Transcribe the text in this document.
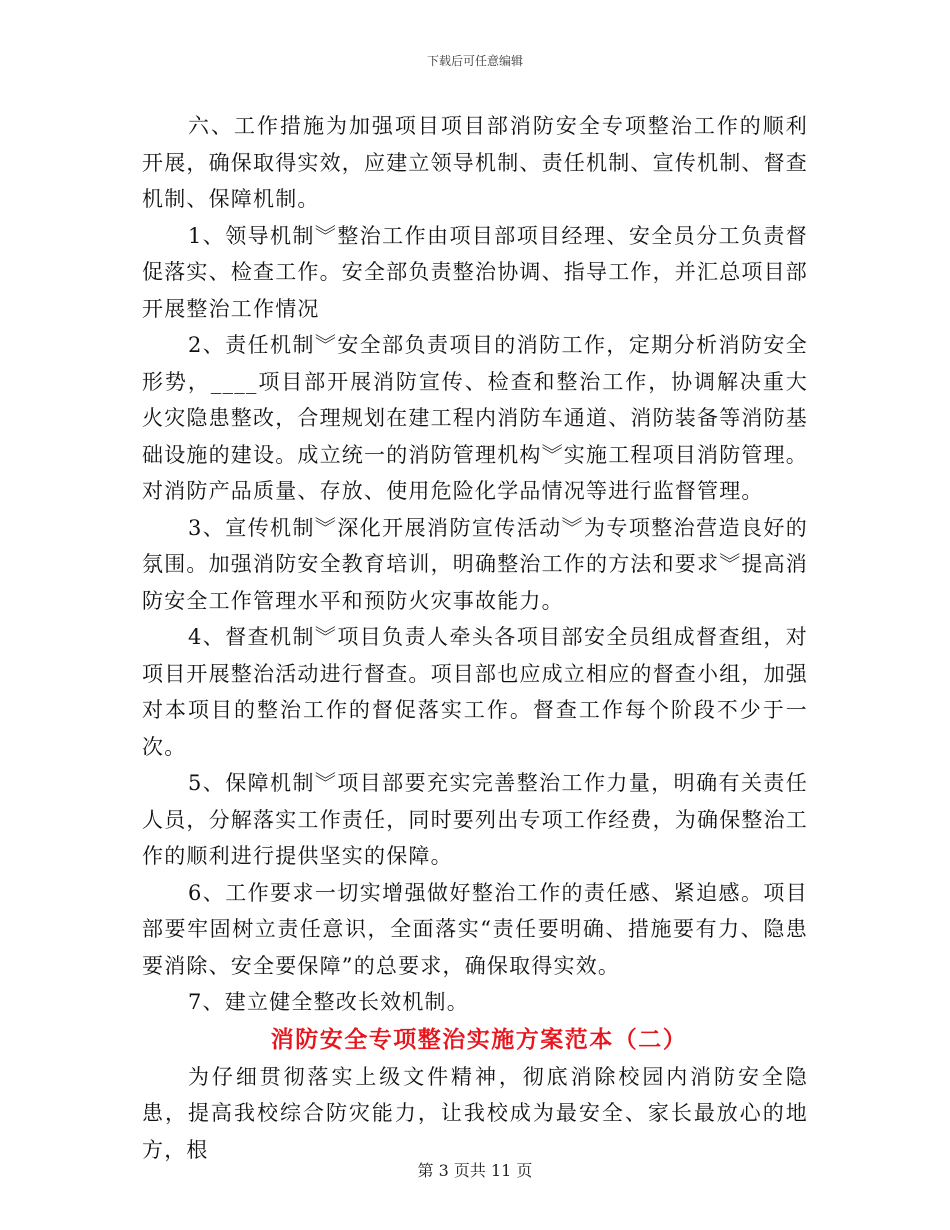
下载后可任意编辑

六、工作措施为加强项目项目部消防安全专项整治工作的顺利开展，确保取得实效，应建立领导机制、责任机制、宣传机制、督查机制、保障机制。

1、领导机制︾整治工作由项目部项目经理、安全员分工负责督促落实、检查工作。安全部负责整治协调、指导工作，并汇总项目部开展整治工作情况

2、责任机制︾安全部负责项目的消防工作，定期分析消防安全形势，____项目部开展消防宣传、检查和整治工作，协调解决重大火灾隐患整改，合理规划在建工程内消防车通道、消防装备等消防基础设施的建设。成立统一的消防管理机构︾实施工程项目消防管理。对消防产品质量、存放、使用危险化学品情况等进行监督管理。

3、宣传机制︾深化开展消防宣传活动︾为专项整治营造良好的氛围。加强消防安全教育培训，明确整治工作的方法和要求︾提高消防安全工作管理水平和预防火灾事故能力。

4、督查机制︾项目负责人牵头各项目部安全员组成督查组，对项目开展整治活动进行督查。项目部也应成立相应的督查小组，加强对本项目的整治工作的督促落实工作。督查工作每个阶段不少于一次。

5、保障机制︾项目部要充实完善整治工作力量，明确有关责任人员，分解落实工作责任，同时要列出专项工作经费，为确保整治工作的顺利进行提供坚实的保障。

6、工作要求一切实增强做好整治工作的责任感、紧迫感。项目部要牢固树立责任意识，全面落实“责任要明确、措施要有力、隐患要消除、安全要保障”的总要求，确保取得实效。

7、建立健全整改长效机制。

消防安全专项整治实施方案范本（二）

为仔细贯彻落实上级文件精神，彻底消除校园内消防安全隐患，提高我校综合防灾能力，让我校成为最安全、家长最放心的地方，根

第 3 页共 11 页
